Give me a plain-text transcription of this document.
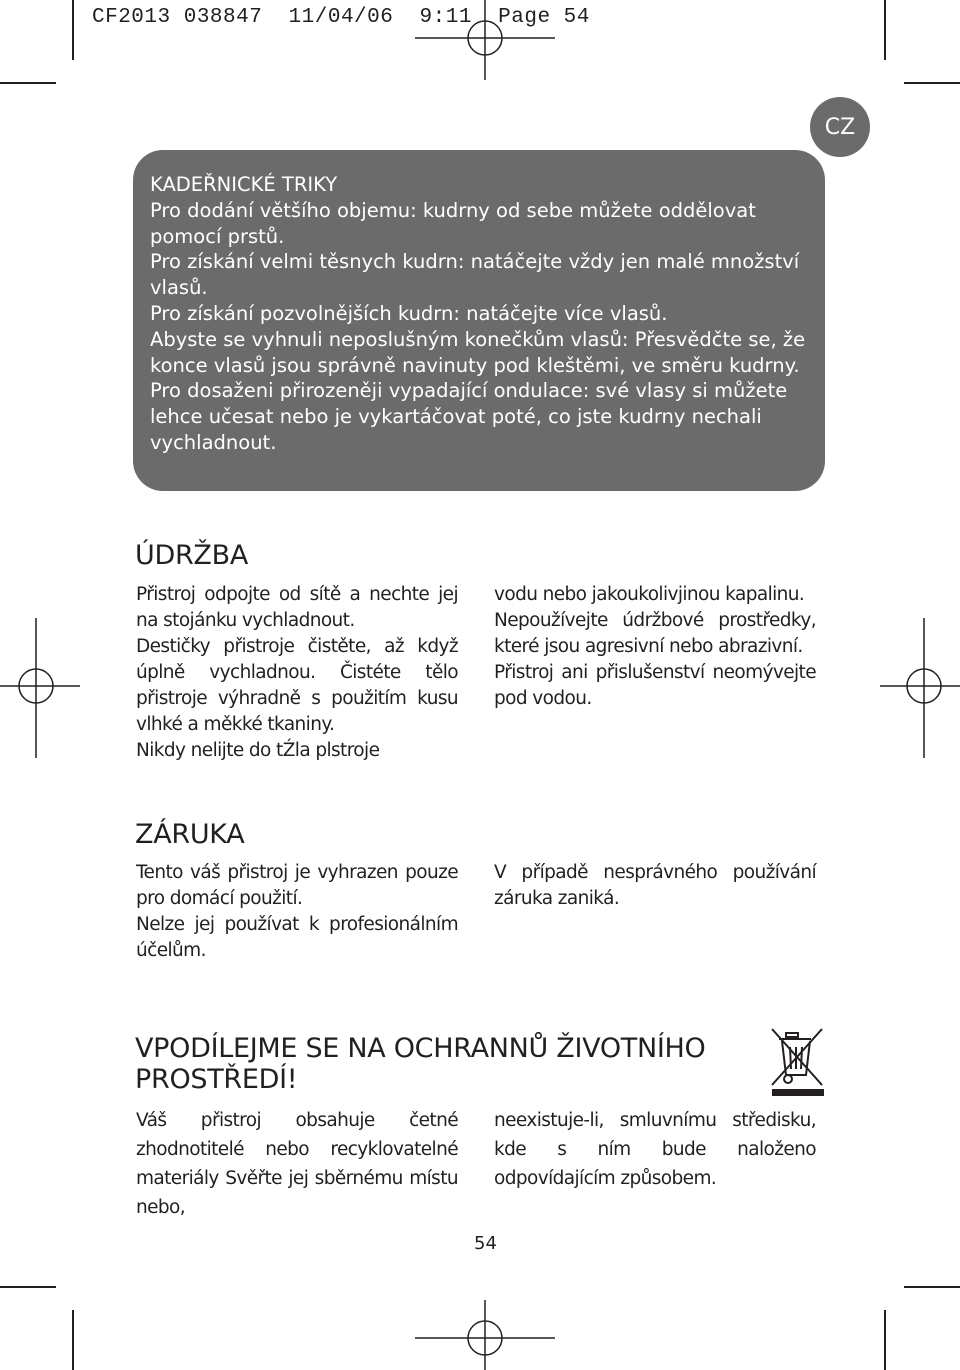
CF2013 038847  11/04/06  9:11  Page 54
CZ

KADEŘNICKÉ TRIKY

Pro dodání většího objemu: kudrny od sebe můžete oddělovat pomocí prstů.

Pro získání velmi těsnych kudrn: natáčejte vždy jen malé množství vlasů.

Pro získání pozvolnějších kudrn: natáčejte více vlasů.

Abyste se vyhnuli neposlušným konečkům vlasů: Přesvědčte se, že konce vlasů jsou správně navinuty pod kleštěmi, ve směru kudrny.

Pro dosaženi přirozeněji vypadající ondulace: své vlasy si můžete lehce učesat nebo je vykartáčovat poté, co jste kudrny nechali vychladnout.

ÚDRŽBA

Přistroj odpojte od sítě a nechte jej na stojánku vychladnout.

Destičky přistroje čistěte, až když úplně vychladnou. Čistéte tělo přistroje výhradně s použitím kusu vlhké a měkké tkaniny.

Nikdy nelijte do tŹla plstroje

vodu nebo jakoukolivjinou kapalinu.

Nepoužívejte údržbové prostředky, které jsou agresivní nebo abrazivní.

Přistroj ani přislušenství neomývejte pod vodou.

ZÁRUKA

Tento váš přistroj je vyhrazen pouze pro domácí použití.

Nelze jej používat k profesionálním účelům.

V případě nesprávného používání záruka zaniká.

VPODÍLEJME SE NA OCHRANNŮ ŽIVOTNÍHO
PROSTŘEDÍ!

Váš přistroj obsahuje četné zhodnotitelé nebo recyklovatelné materiály Svěřte jej sběrnému místu nebo,

neexistuje-li, smluvnímu středisku, kde s ním bude naloženo odpovídajícím způsobem.

54
